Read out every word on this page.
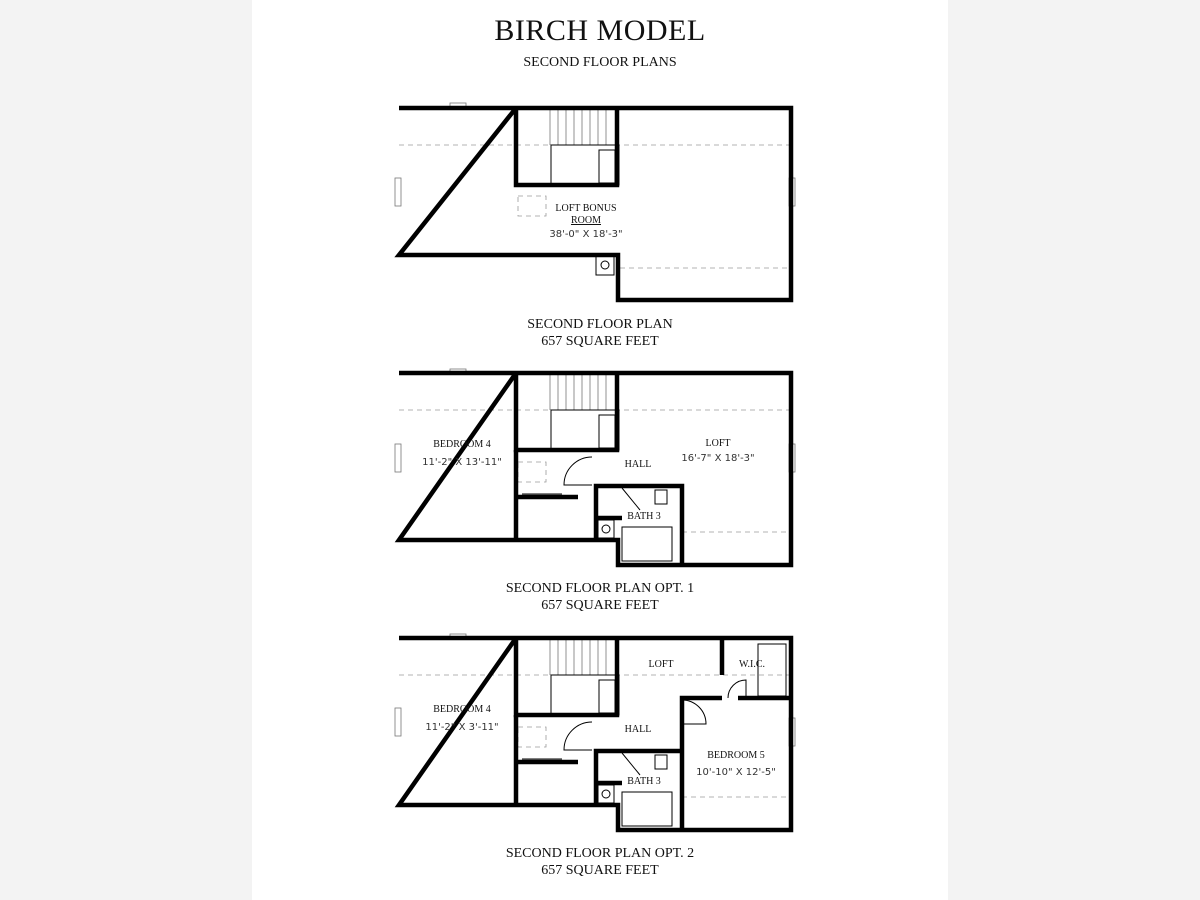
BIRCH MODEL
SECOND FLOOR PLANS
LOFT BONUS
ROOM
38'-0" X 18'-3"
BEDROOM 4
11'-2" X 13'-11"
LOFT
16'-7" X 18'-3"
HALL
BATH 3
BEDROOM 4
11'-2" X 3'-11"
LOFT	W.I.C.
HALL
BEDROOM 5
10'-10" X 12'-5"
BATH 3
SECOND FLOOR PLAN
657 SQUARE FEET
SECOND FLOOR PLAN OPT. 1
657 SQUARE FEET
SECOND FLOOR PLAN OPT. 2
657 SQUARE FEET
